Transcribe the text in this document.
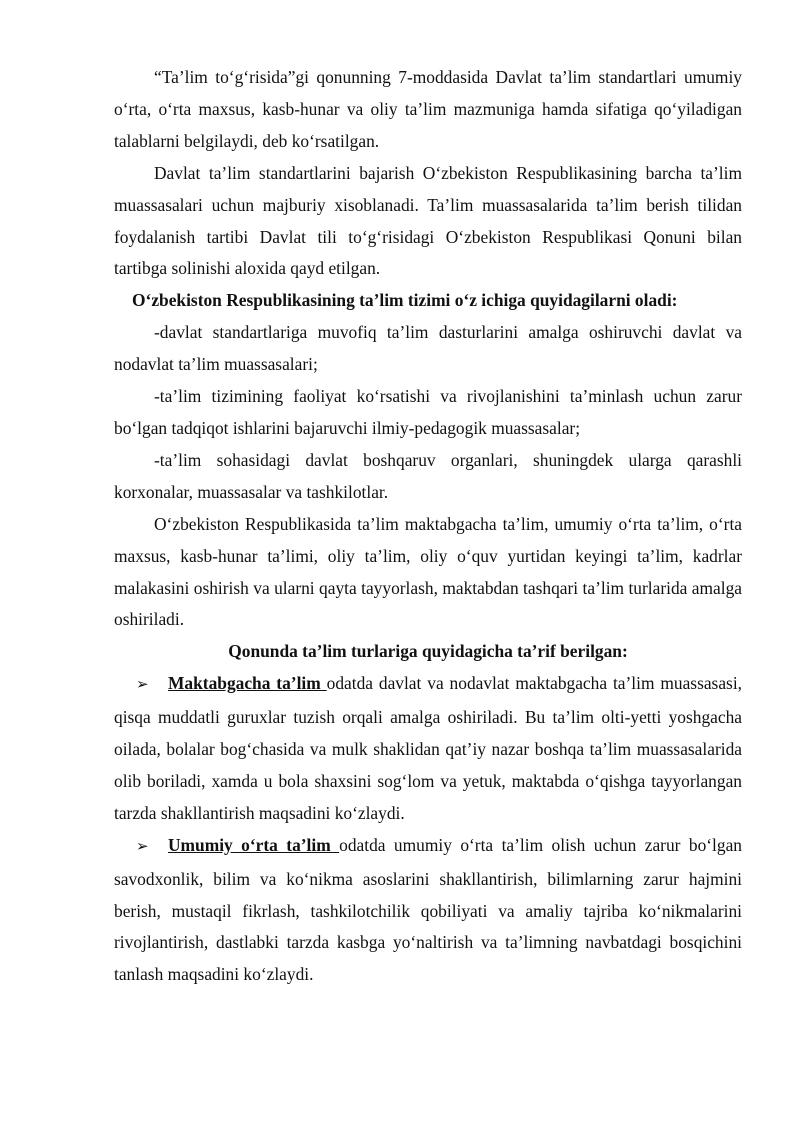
“Ta’lim to‘g‘risida”gi qonunning 7-moddasida Davlat ta’lim standartlari umumiy o‘rta, o‘rta maxsus, kasb-hunar va oliy ta’lim mazmuniga hamda sifatiga qo‘yiladigan talablarni belgilaydi, deb ko‘rsatilgan.

Davlat ta’lim standartlarini bajarish O‘zbekiston Respublikasining barcha ta’lim muassasalari uchun majburiy xisoblanadi. Ta’lim muassasalarida ta’lim berish tilidan foydalanish tartibi Davlat tili to‘g‘risidagi O‘zbekiston Respublikasi Qonuni bilan tartibga solinishi aloxida qayd etilgan.

O‘zbekiston Respublikasining ta’lim tizimi o‘z ichiga quyidagilarni oladi:

-davlat standartlariga muvofiq ta’lim dasturlarini amalga oshiruvchi davlat va nodavlat ta’lim muassasalari;

-ta’lim tizimining faoliyat ko‘rsatishi va rivojlanishini ta’minlash uchun zarur bo‘lgan tadqiqot ishlarini bajaruvchi ilmiy-pedagogik muassasalar;

-ta’lim sohasidagi davlat boshqaruv organlari, shuningdek ularga qarashli korxonalar, muassasalar va tashkilotlar.

O‘zbekiston Respublikasida ta’lim maktabgacha ta’lim, umumiy o‘rta ta’lim, o‘rta maxsus, kasb-hunar ta’limi, oliy ta’lim, oliy o‘quv yurtidan keyingi ta’lim, kadrlar malakasini oshirish va ularni qayta tayyorlash, maktabdan tashqari ta’lim turlarida amalga oshiriladi.

Qonunda ta’lim turlariga quyidagicha ta’rif berilgan:

➢ Maktabgacha ta’lim odatda davlat va nodavlat maktabgacha ta’lim muassasasi, qisqa muddatli guruxlar tuzish orqali amalga oshiriladi. Bu ta’lim olti-yetti yoshgacha oilada, bolalar bog‘chasida va mulk shaklidan qat’iy nazar boshqa ta’lim muassasalarida olib boriladi, xamda u bola shaxsini sog‘lom va yetuk, maktabda o‘qishga tayyorlangan tarzda shakllantirish maqsadini ko‘zlaydi.

➢ Umumiy o‘rta ta’lim odatda umumiy o‘rta ta’lim olish uchun zarur bo‘lgan savodxonlik, bilim va ko‘nikma asoslarini shakllantirish, bilimlarning zarur hajmini berish, mustaqil fikrlash, tashkilotchilik qobiliyati va amaliy tajriba ko‘nikmalarini rivojlantirish, dastlabki tarzda kasbga yo‘naltirish va ta’limning navbatdagi bosqichini tanlash maqsadini ko‘zlaydi.
